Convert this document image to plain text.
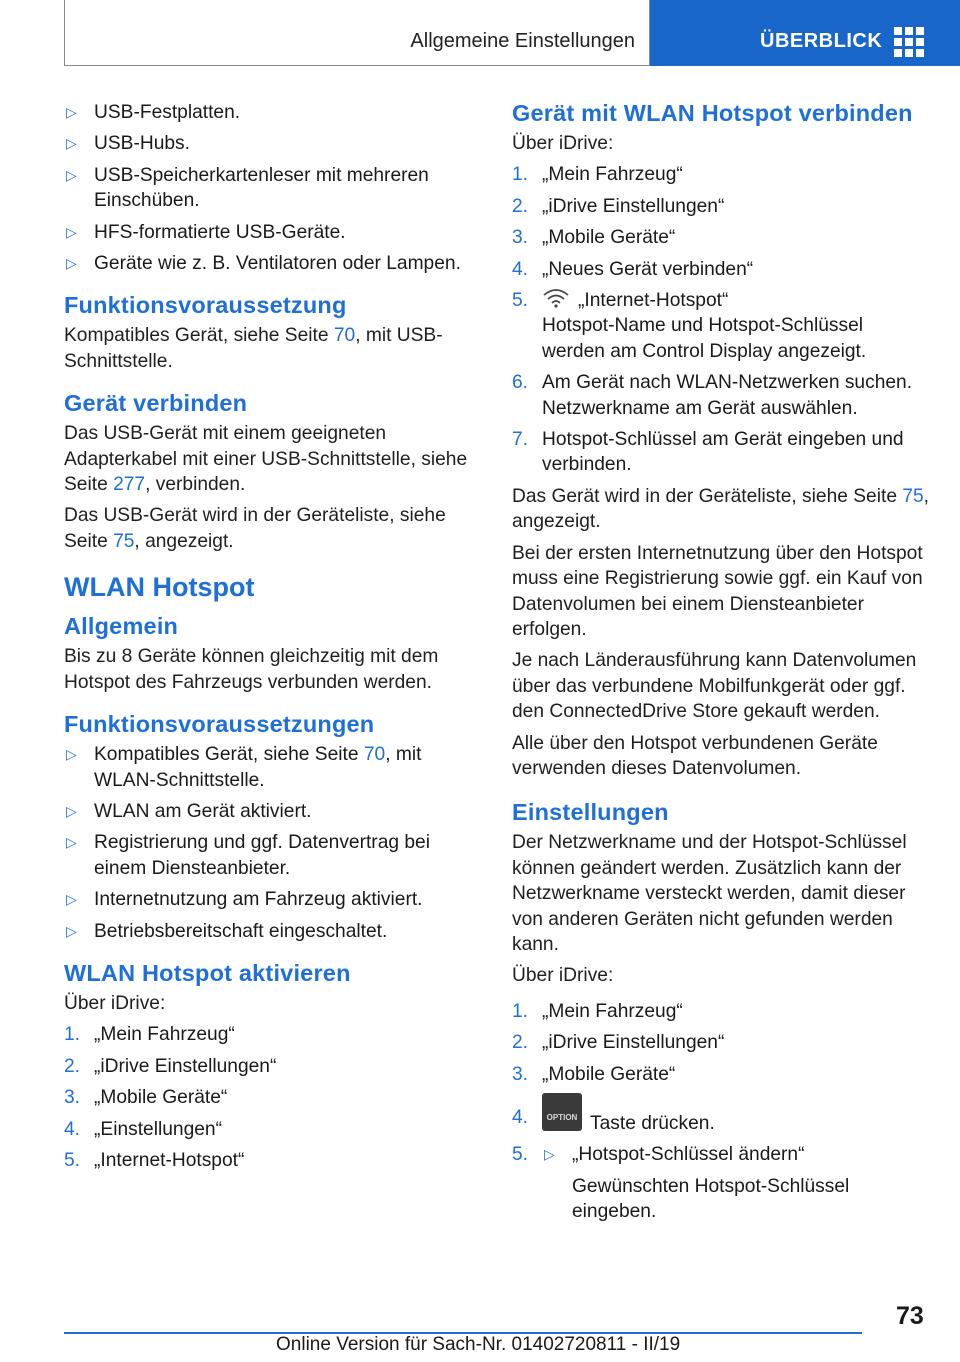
Allgemeine Einstellungen	ÜBERBLICK
▷ USB-Festplatten.
▷ USB-Hubs.
▷ USB-Speicherkartenleser mit mehreren Einschüben.
▷ HFS-formatierte USB-Geräte.
▷ Geräte wie z. B. Ventilatoren oder Lampen.
Funktionsvoraussetzung

Kompatibles Gerät, siehe Seite 70, mit USB-Schnittstelle.

Gerät verbinden

Das USB-Gerät mit einem geeigneten Adapterkabel mit einer USB-Schnittstelle, siehe Seite 277, verbinden.

Das USB-Gerät wird in der Geräteliste, siehe Seite 75, angezeigt.

WLAN Hotspot
Allgemein

Bis zu 8 Geräte können gleichzeitig mit dem Hotspot des Fahrzeugs verbunden werden.

Funktionsvoraussetzungen
▷ Kompatibles Gerät, siehe Seite 70, mit WLAN-Schnittstelle.
▷ WLAN am Gerät aktiviert.
▷ Registrierung und ggf. Datenvertrag bei einem Diensteanbieter.
▷ Internetnutzung am Fahrzeug aktiviert.
▷ Betriebsbereitschaft eingeschaltet.
WLAN Hotspot aktivieren

Über iDrive:

1. „Mein Fahrzeug“
2. „iDrive Einstellungen“
3. „Mobile Geräte“
4. „Einstellungen“
5. „Internet-Hotspot“
Gerät mit WLAN Hotspot verbinden

Über iDrive:

1. „Mein Fahrzeug“
2. „iDrive Einstellungen“
3. „Mobile Geräte“
4. „Neues Gerät verbinden“
5.	„Internet-Hotspot“
Hotspot-Name und Hotspot-Schlüssel werden am Control Display angezeigt.
6. Am Gerät nach WLAN-Netzwerken suchen. Netzwerkname am Gerät auswählen.
7. Hotspot-Schlüssel am Gerät eingeben und verbinden.

Das Gerät wird in der Geräteliste, siehe Seite 75, angezeigt.

Bei der ersten Internetnutzung über den Hotspot muss eine Registrierung sowie ggf. ein Kauf von Datenvolumen bei einem Diensteanbieter erfolgen.

Je nach Länderausführung kann Datenvolumen über das verbundene Mobilfunkgerät oder ggf. den ConnectedDrive Store gekauft werden.

Alle über den Hotspot verbundenen Geräte verwenden dieses Datenvolumen.

Einstellungen

Der Netzwerkname und der Hotspot-Schlüssel können geändert werden. Zusätzlich kann der Netzwerkname versteckt werden, damit dieser von anderen Geräten nicht gefunden werden kann.

Über iDrive:

1. „Mein Fahrzeug“
2. „iDrive Einstellungen“
3. „Mobile Geräte“
4.	OPTION Taste drücken.
5. ▷ „Hotspot-Schlüssel ändern“
Gewünschten Hotspot-Schlüssel eingeben.
73
Online Version für Sach-Nr. 01402720811 - II/19
